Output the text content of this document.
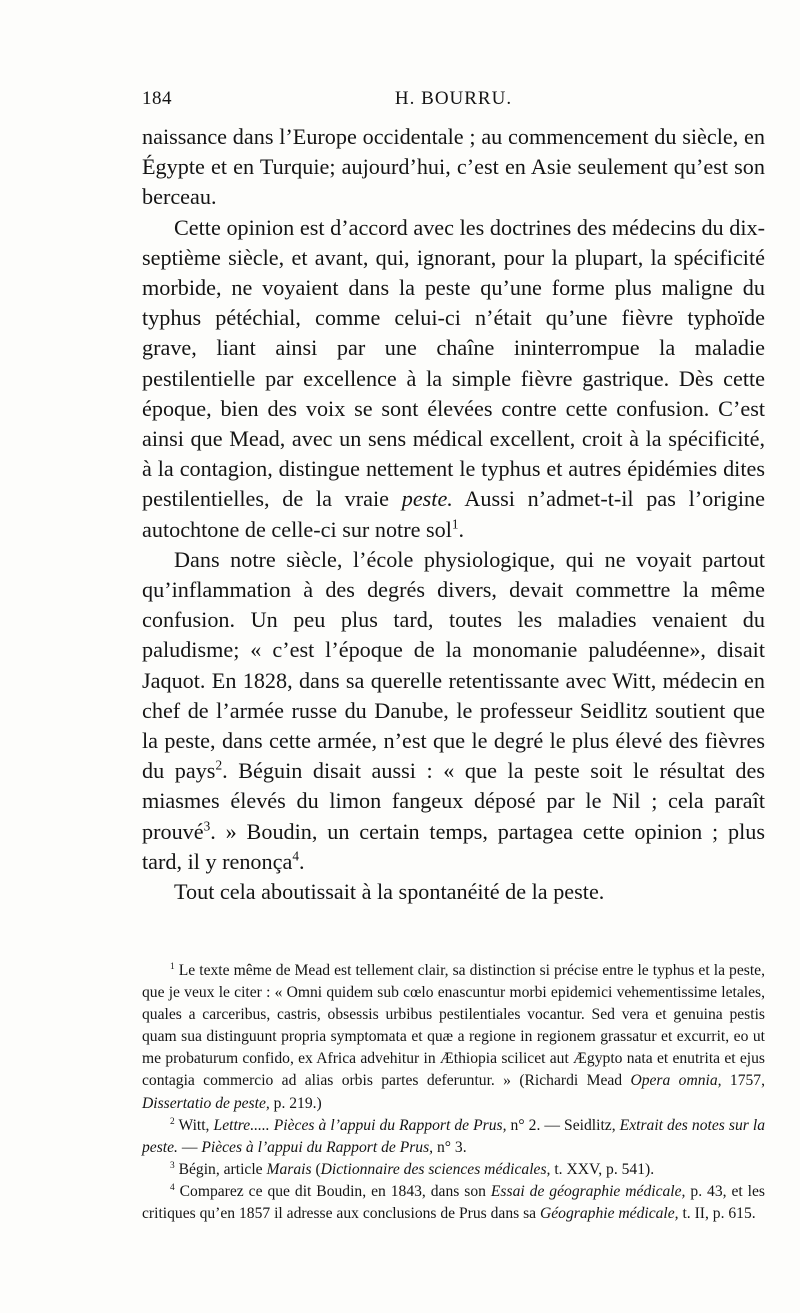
184	H. BOURRU.

naissance dans l’Europe occidentale ; au commencement du siècle, en Égypte et en Turquie; aujourd’hui, c’est en Asie seulement qu’est son berceau.

Cette opinion est d’accord avec les doctrines des médecins du dix-septième siècle, et avant, qui, ignorant, pour la plupart, la spécificité morbide, ne voyaient dans la peste qu’une forme plus maligne du typhus pétéchial, comme celui-ci n’était qu’une fièvre typhoïde grave, liant ainsi par une chaîne ininterrompue la maladie pestilentielle par excellence à la simple fièvre gastrique. Dès cette époque, bien des voix se sont élevées contre cette confusion. C’est ainsi que Mead, avec un sens médical excellent, croit à la spécificité, à la contagion, distingue nettement le typhus et autres épidémies dites pestilentielles, de la vraie peste. Aussi n’admet-t-il pas l’origine autochtone de celle-ci sur notre sol$^1$.

Dans notre siècle, l’école physiologique, qui ne voyait partout qu’inflammation à des degrés divers, devait commettre la même confusion. Un peu plus tard, toutes les maladies venaient du paludisme; « c’est l’époque de la monomanie paludéenne», disait Jaquot. En 1828, dans sa querelle retentissante avec Witt, médecin en chef de l’armée russe du Danube, le professeur Seidlitz soutient que la peste, dans cette armée, n’est que le degré le plus élevé des fièvres du pays$^2$. Béguin disait aussi : « que la peste soit le résultat des miasmes élevés du limon fangeux déposé par le Nil ; cela paraît prouvé$^3$. » Boudin, un certain temps, partagea cette opinion ; plus tard, il y renonça$^4$.

Tout cela aboutissait à la spontanéité de la peste.

$^1$ Le texte même de Mead est tellement clair, sa distinction si précise entre le typhus et la peste, que je veux le citer : « Omni quidem sub cœlo enascuntur morbi epidemici vehementissime letales, quales a carceribus, castris, obsessis urbibus pestilentiales vocantur. Sed vera et genuina pestis quam sua distinguunt propria symptomata et quæ a regione in regionem grassatur et excurrit, eo ut me probaturum confido, ex Africa advehitur in Æthiopia scilicet aut Ægypto nata et enutrita et ejus contagia commercio ad alias orbis partes deferuntur. » (Richardi Mead Opera omnia, 1757, Dissertatio de peste, p. 219.)

$^2$ Witt, Lettre..... Pièces à l’appui du Rapport de Prus, n° 2. — Seidlitz, Extrait des notes sur la peste. — Pièces à l’appui du Rapport de Prus, n° 3.

$^3$ Bégin, article Marais (Dictionnaire des sciences médicales, t. XXV, p. 541).

$^4$ Comparez ce que dit Boudin, en 1843, dans son Essai de géographie médicale, p. 43, et les critiques qu’en 1857 il adresse aux conclusions de Prus dans sa Géographie médicale, t. II, p. 615.
